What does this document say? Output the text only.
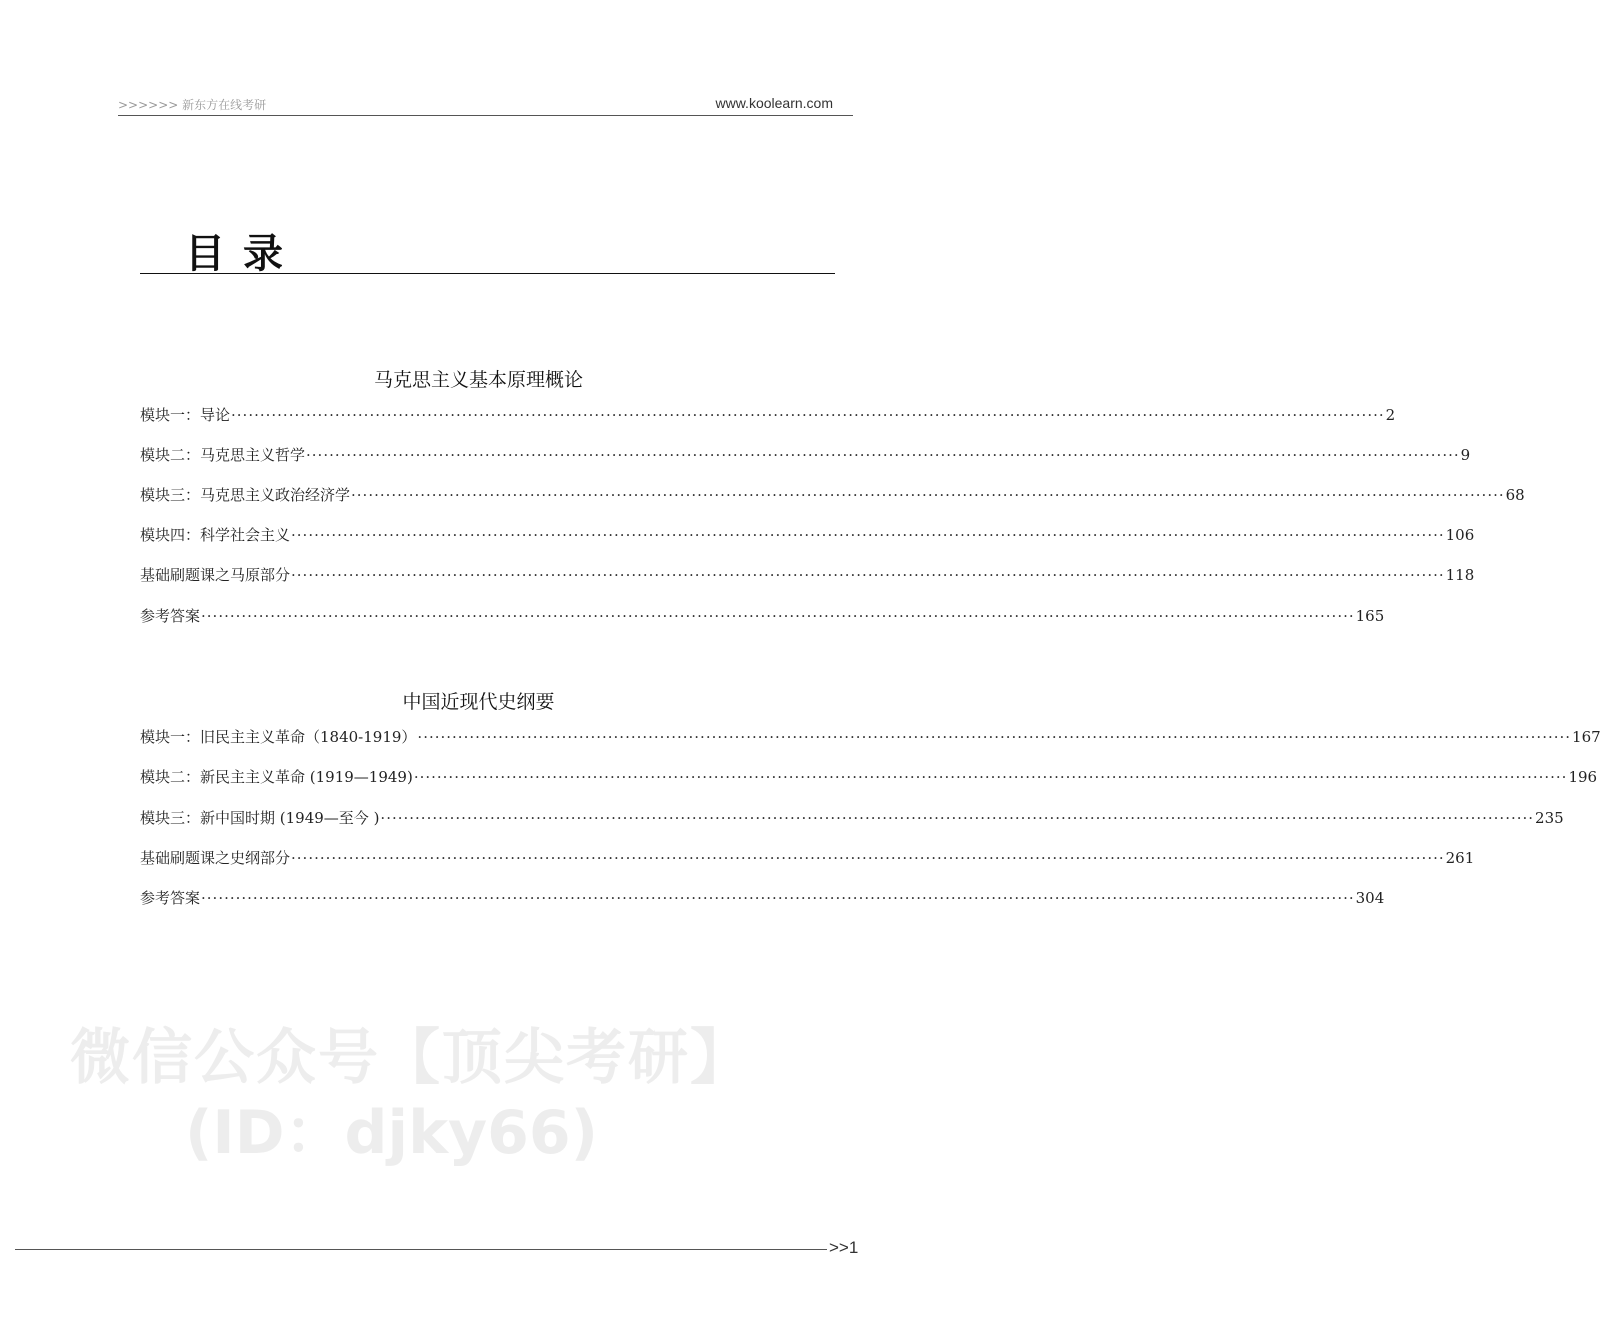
>>>>>> 新东方在线考研	www.koolearn.com
目录
马克思主义基本原理概论
模块一：导论 ········································································································································································································ 2
模块二：马克思主义哲学 ········································································································································································································ 9
模块三：马克思主义政治经济学 ········································································································································································································ 68
模块四：科学社会主义 ········································································································································································································ 106
基础刷题课之马原部分 ········································································································································································································ 118
参考答案 ········································································································································································································ 165
中国近现代史纲要
模块一：旧民主主义革命（1840-1919） ········································································································································································································ 167
模块二：新民主主义革命 (1919—1949) ········································································································································································································ 196
模块三：新中国时期 (1949—至今 ) ········································································································································································································ 235
基础刷题课之史纲部分 ········································································································································································································ 261
参考答案 ········································································································································································································ 304
微信公众号【顶尖考研】
(ID：djky66)
>>1
